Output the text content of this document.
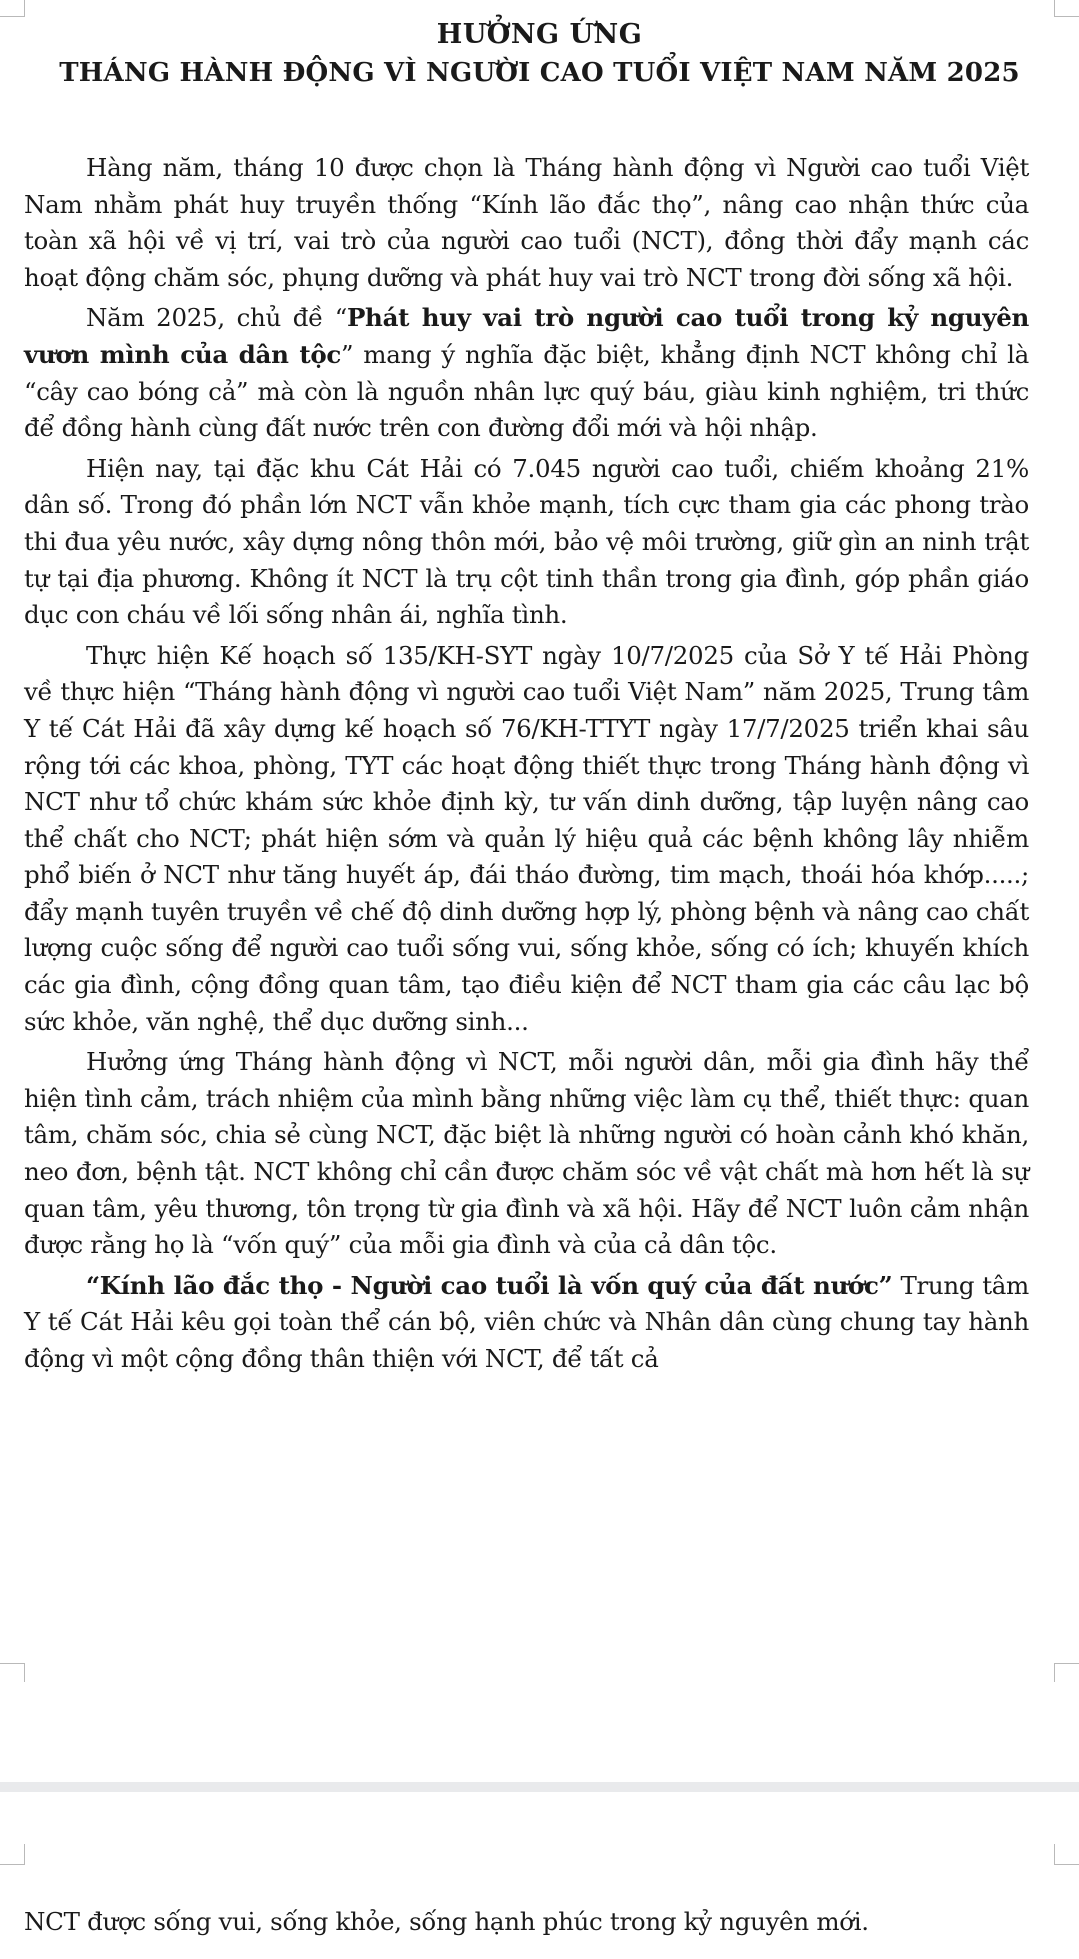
HƯỞNG ỨNG
THÁNG HÀNH ĐỘNG VÌ NGƯỜI CAO TUỔI VIỆT NAM NĂM 2025

Hàng năm, tháng 10 được chọn là Tháng hành động vì Người cao tuổi Việt Nam nhằm phát huy truyền thống “Kính lão đắc thọ”, nâng cao nhận thức của toàn xã hội về vị trí, vai trò của người cao tuổi (NCT), đồng thời đẩy mạnh các hoạt động chăm sóc, phụng dưỡng và phát huy vai trò NCT trong đời sống xã hội.

Năm 2025, chủ đề “Phát huy vai trò người cao tuổi trong kỷ nguyên vươn mình của dân tộc” mang ý nghĩa đặc biệt, khẳng định NCT không chỉ là “cây cao bóng cả” mà còn là nguồn nhân lực quý báu, giàu kinh nghiệm, tri thức để đồng hành cùng đất nước trên con đường đổi mới và hội nhập.

Hiện nay, tại đặc khu Cát Hải có 7.045 người cao tuổi, chiếm khoảng 21% dân số. Trong đó phần lớn NCT vẫn khỏe mạnh, tích cực tham gia các phong trào thi đua yêu nước, xây dựng nông thôn mới, bảo vệ môi trường, giữ gìn an ninh trật tự tại địa phương. Không ít NCT là trụ cột tinh thần trong gia đình, góp phần giáo dục con cháu về lối sống nhân ái, nghĩa tình.

Thực hiện Kế hoạch số 135/KH-SYT ngày 10/7/2025 của Sở Y tế Hải Phòng về thực hiện “Tháng hành động vì người cao tuổi Việt Nam” năm 2025, Trung tâm Y tế Cát Hải đã xây dựng kế hoạch số 76/KH-TTYT ngày 17/7/2025 triển khai sâu rộng tới các khoa, phòng, TYT các hoạt động thiết thực trong Tháng hành động vì NCT như tổ chức khám sức khỏe định kỳ, tư vấn dinh dưỡng, tập luyện nâng cao thể chất cho NCT; phát hiện sớm và quản lý hiệu quả các bệnh không lây nhiễm phổ biến ở NCT như tăng huyết áp, đái tháo đường, tim mạch, thoái hóa khớp.....; đẩy mạnh tuyên truyền về chế độ dinh dưỡng hợp lý, phòng bệnh và nâng cao chất lượng cuộc sống để người cao tuổi sống vui, sống khỏe, sống có ích; khuyến khích các gia đình, cộng đồng quan tâm, tạo điều kiện để NCT tham gia các câu lạc bộ sức khỏe, văn nghệ, thể dục dưỡng sinh...

Hưởng ứng Tháng hành động vì NCT, mỗi người dân, mỗi gia đình hãy thể hiện tình cảm, trách nhiệm của mình bằng những việc làm cụ thể, thiết thực: quan tâm, chăm sóc, chia sẻ cùng NCT, đặc biệt là những người có hoàn cảnh khó khăn, neo đơn, bệnh tật. NCT không chỉ cần được chăm sóc về vật chất mà hơn hết là sự quan tâm, yêu thương, tôn trọng từ gia đình và xã hội. Hãy để NCT luôn cảm nhận được rằng họ là “vốn quý” của mỗi gia đình và của cả dân tộc.

“Kính lão đắc thọ - Người cao tuổi là vốn quý của đất nước” Trung tâm Y tế Cát Hải kêu gọi toàn thể cán bộ, viên chức và Nhân dân cùng chung tay hành động vì một cộng đồng thân thiện với NCT, để tất cả

NCT được sống vui, sống khỏe, sống hạnh phúc trong kỷ nguyên mới.
